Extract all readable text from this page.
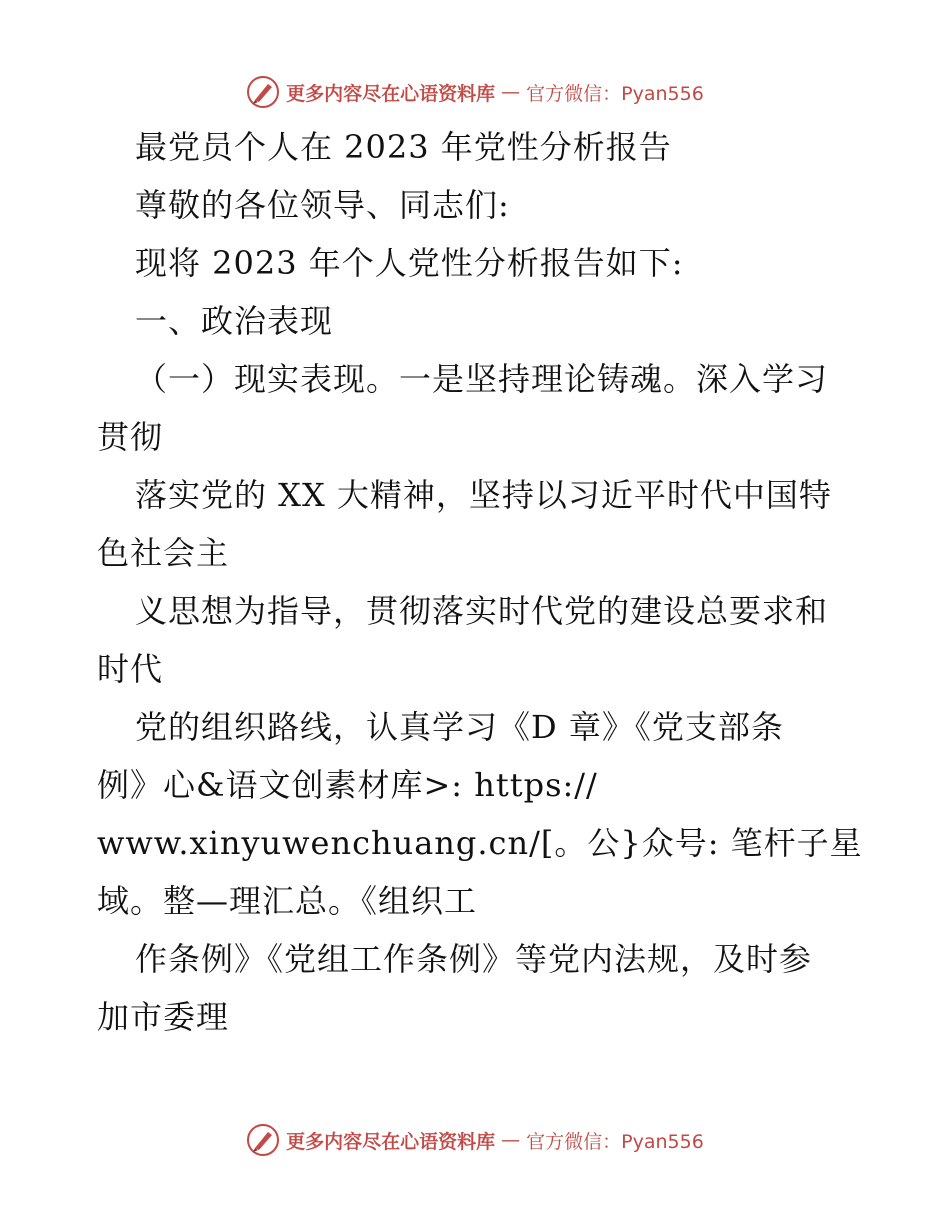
更多内容尽在心语资料库 — 官方微信：Pyan556
最党员个人在 2023 年党性分析报告
尊敬的各位领导、同志们:
现将 2023 年个人党性分析报告如下:
一、政治表现
（一）现实表现。一是坚持理论铸魂。深入学习
贯彻
落实党的 XX 大精神，坚持以习近平时代中国特
色社会主
义思想为指导，贯彻落实时代党的建设总要求和
时代
党的组织路线，认真学习《D 章》《党支部条
例》心&语文创素材库>: https://
www.xinyuwenchuang.cn/[。公}众号: 笔杆子星
域。整—理汇总。《组织工
作条例》《党组工作条例》等党内法规，及时参
加市委理
更多内容尽在心语资料库 — 官方微信：Pyan556
